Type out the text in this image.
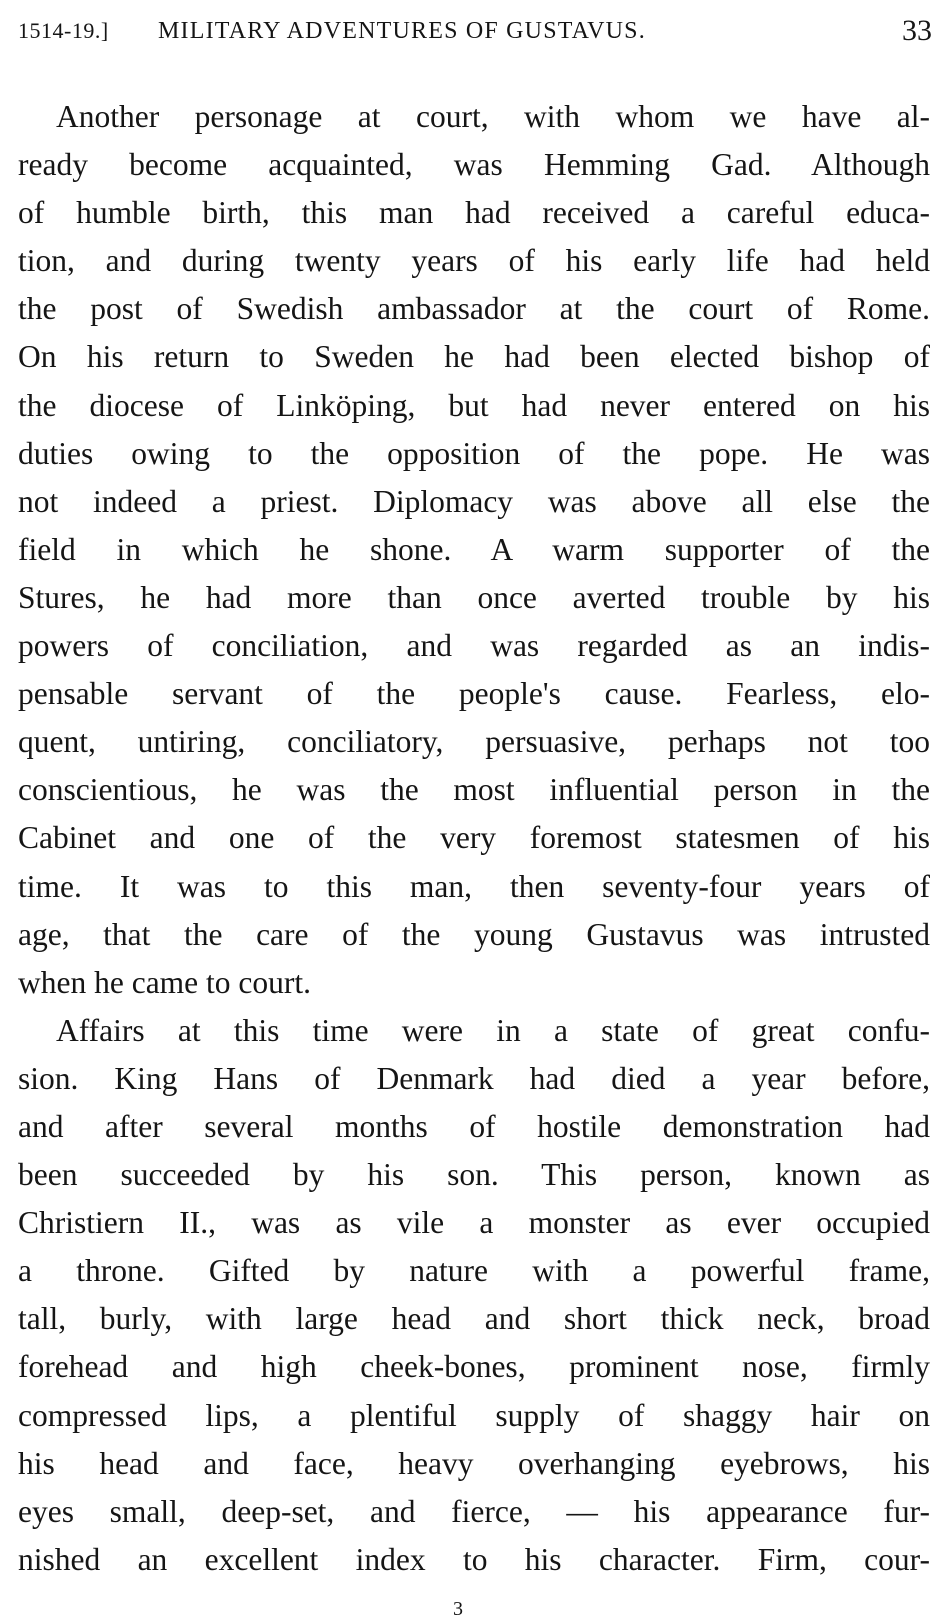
1514-19.] MILITARY ADVENTURES OF GUSTAVUS.	33
Another personage at court, with whom we have al-
ready become acquainted, was Hemming Gad. Although
of humble birth, this man had received a careful educa-
tion, and during twenty years of his early life had held
the post of Swedish ambassador at the court of Rome.
On his return to Sweden he had been elected bishop of
the diocese of Linköping, but had never entered on his
duties owing to the opposition of the pope. He was
not indeed a priest. Diplomacy was above all else the
field in which he shone. A warm supporter of the
Stures, he had more than once averted trouble by his
powers of conciliation, and was regarded as an indis-
pensable servant of the people's cause. Fearless, elo-
quent, untiring, conciliatory, persuasive, perhaps not too
conscientious, he was the most influential person in the
Cabinet and one of the very foremost statesmen of his
time. It was to this man, then seventy-four years of
age, that the care of the young Gustavus was intrusted
when he came to court.
Affairs at this time were in a state of great confu-
sion. King Hans of Denmark had died a year before,
and after several months of hostile demonstration had
been succeeded by his son. This person, known as
Christiern II., was as vile a monster as ever occupied
a throne. Gifted by nature with a powerful frame,
tall, burly, with large head and short thick neck, broad
forehead and high cheek-bones, prominent nose, firmly
compressed lips, a plentiful supply of shaggy hair on
his head and face, heavy overhanging eyebrows, his
eyes small, deep-set, and fierce, — his appearance fur-
nished an excellent index to his character. Firm, cour-
3
